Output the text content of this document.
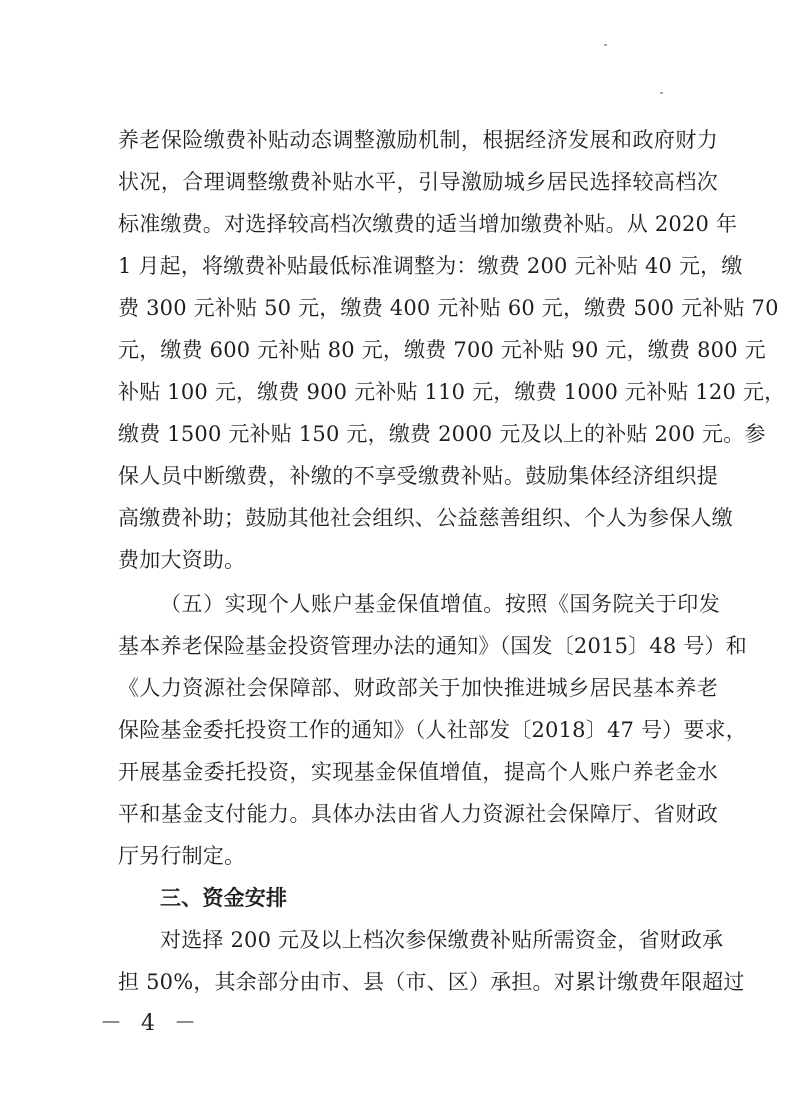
养老保险缴费补贴动态调整激励机制，根据经济发展和政府财力
状况，合理调整缴费补贴水平，引导激励城乡居民选择较高档次
标准缴费。对选择较高档次缴费的适当增加缴费补贴。从 2020 年
1 月起，将缴费补贴最低标准调整为：缴费 200 元补贴 40 元，缴
费 300 元补贴 50 元，缴费 400 元补贴 60 元，缴费 500 元补贴 70
元，缴费 600 元补贴 80 元，缴费 700 元补贴 90 元，缴费 800 元
补贴 100 元，缴费 900 元补贴 110 元，缴费 1000 元补贴 120 元，
缴费 1500 元补贴 150 元，缴费 2000 元及以上的补贴 200 元。参
保人员中断缴费，补缴的不享受缴费补贴。鼓励集体经济组织提
高缴费补助；鼓励其他社会组织、公益慈善组织、个人为参保人缴
费加大资助。
（五）实现个人账户基金保值增值。按照《国务院关于印发
基本养老保险基金投资管理办法的通知》（国发〔2015〕48 号）和
《人力资源社会保障部、财政部关于加快推进城乡居民基本养老
保险基金委托投资工作的通知》（人社部发〔2018〕47 号）要求，
开展基金委托投资，实现基金保值增值，提高个人账户养老金水
平和基金支付能力。具体办法由省人力资源社会保障厅、省财政
厅另行制定。
三、资金安排
对选择 200 元及以上档次参保缴费补贴所需资金，省财政承
担 50%，其余部分由市、县（市、区）承担。对累计缴费年限超过
－ 4 －
